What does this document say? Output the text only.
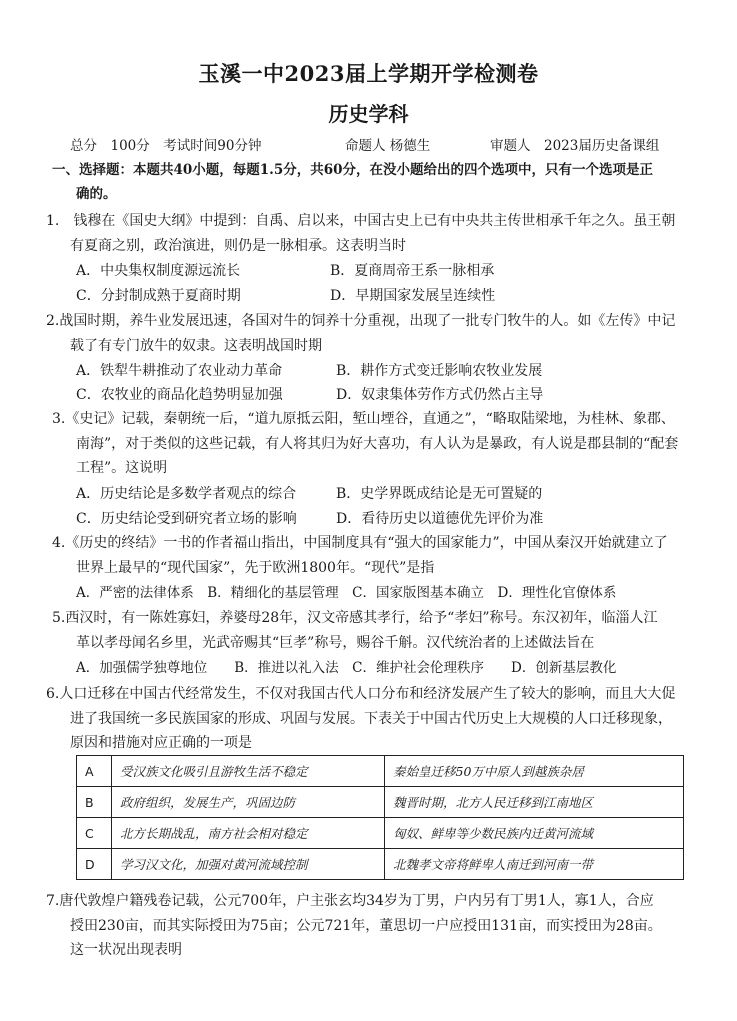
玉溪一中2023届上学期开学检测卷
历史学科
总分　100分　考试时间90分钟	命题人 杨德生	审题人　2023届历史备课组
一、选择题：本题共40小题，每题1.5分，共60分，在没小题给出的四个选项中，只有一个选项是正
确的。
1.　钱穆在《国史大纲》中提到：自禹、启以来，中国古史上已有中央共主传世相承千年之久。虽王朝
有夏商之别，政治演进，则仍是一脉相承。这表明当时
A．中央集权制度源远流长	B．夏商周帝王系一脉相承
C．分封制成熟于夏商时期	D．早期国家发展呈连续性
2.战国时期，养牛业发展迅速，各国对牛的饲养十分重视，出现了一批专门牧牛的人。如《左传》中记
载了有专门放牛的奴隶。这表明战国时期
A．铁犁牛耕推动了农业动力革命	B．耕作方式变迁影响农牧业发展
C．农牧业的商品化趋势明显加强	D．奴隶集体劳作方式仍然占主导
3.《史记》记载，秦朝统一后，“道九原抵云阳，堑山堙谷，直通之”，“略取陆梁地，为桂林、象郡、
南海”，对于类似的这些记载，有人将其归为好大喜功，有人认为是暴政，有人说是郡县制的“配套
工程”。这说明
A．历史结论是多数学者观点的综合	B．史学界既成结论是无可置疑的
C．历史结论受到研究者立场的影响	D．看待历史以道德优先评价为准
4.《历史的终结》一书的作者福山指出，中国制度具有“强大的国家能力”，中国从秦汉开始就建立了
世界上最早的“现代国家”，先于欧洲1800年。“现代”是指
A．严密的法律体系　B．精细化的基层管理　C．国家版图基本确立　D．理性化官僚体系
5.西汉时，有一陈姓寡妇，养婆母28年，汉文帝感其孝行，给予“孝妇”称号。东汉初年，临淄人江
革以孝母闻名乡里，光武帝赐其“巨孝”称号，赐谷千斛。汉代统治者的上述做法旨在
A．加强儒学独尊地位　　B．推进以礼入法　C．维护社会伦理秩序　　D．创新基层教化
6.人口迁移在中国古代经常发生，不仅对我国古代人口分布和经济发展产生了较大的影响，而且大大促
进了我国统一多民族国家的形成、巩固与发展。下表关于中国古代历史上大规模的人口迁移现象，
原因和措施对应正确的一项是
A	受汉族文化吸引且游牧生活不稳定	秦始皇迁移50万中原人到越族杂居
B	政府组织，发展生产，巩固边防	魏晋时期，北方人民迁移到江南地区
C	北方长期战乱，南方社会相对稳定	匈奴、鲜卑等少数民族内迁黄河流域
D	学习汉文化，加强对黄河流域控制	北魏孝文帝将鲜卑人南迁到河南一带
7.唐代敦煌户籍残卷记载，公元700年，户主张玄均34岁为丁男，户内另有丁男1人，寡1人，合应
授田230亩，而其实际授田为75亩；公元721年，董思切一户应授田131亩，而实授田为28亩。
这一状况出现表明
